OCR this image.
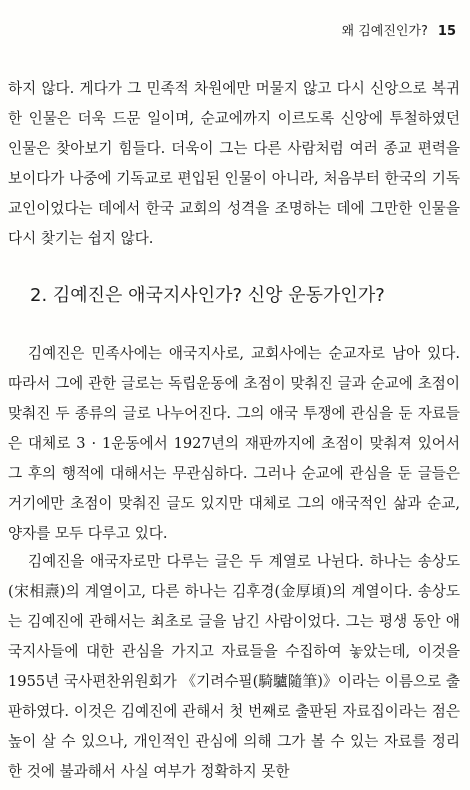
왜 김예진인가? 15

하지 않다. 게다가 그 민족적 차원에만 머물지 않고 다시 신앙으로 복귀한 인물은 더욱 드문 일이며, 순교에까지 이르도록 신앙에 투철하였던 인물은 찾아보기 힘들다. 더욱이 그는 다른 사람처럼 여러 종교 편력을 보이다가 나중에 기독교로 편입된 인물이 아니라, 처음부터 한국의 기독교인이었다는 데에서 한국 교회의 성격을 조명하는 데에 그만한 인물을 다시 찾기는 쉽지 않다.

2. 김예진은 애국지사인가? 신앙 운동가인가?

김예진은 민족사에는 애국지사로, 교회사에는 순교자로 남아 있다. 따라서 그에 관한 글로는 독립운동에 초점이 맞춰진 글과 순교에 초점이 맞춰진 두 종류의 글로 나누어진다. 그의 애국 투쟁에 관심을 둔 자료들은 대체로 3 · 1운동에서 1927년의 재판까지에 초점이 맞춰져 있어서 그 후의 행적에 대해서는 무관심하다. 그러나 순교에 관심을 둔 글들은 거기에만 초점이 맞춰진 글도 있지만 대체로 그의 애국적인 삶과 순교, 양자를 모두 다루고 있다.

김예진을 애국자로만 다루는 글은 두 계열로 나뉜다. 하나는 송상도(宋相燾)의 계열이고, 다른 하나는 김후경(金厚頃)의 계열이다. 송상도는 김예진에 관해서는 최초로 글을 남긴 사람이었다. 그는 평생 동안 애국지사들에 대한 관심을 가지고 자료들을 수집하여 놓았는데, 이것을 1955년 국사편찬위원회가 《기려수필(騎驢隨筆)》이라는 이름으로 출판하였다. 이것은 김예진에 관해서 첫 번째로 출판된 자료집이라는 점은 높이 살 수 있으나, 개인적인 관심에 의해 그가 볼 수 있는 자료를 정리한 것에 불과해서 사실 여부가 정확하지 못한
